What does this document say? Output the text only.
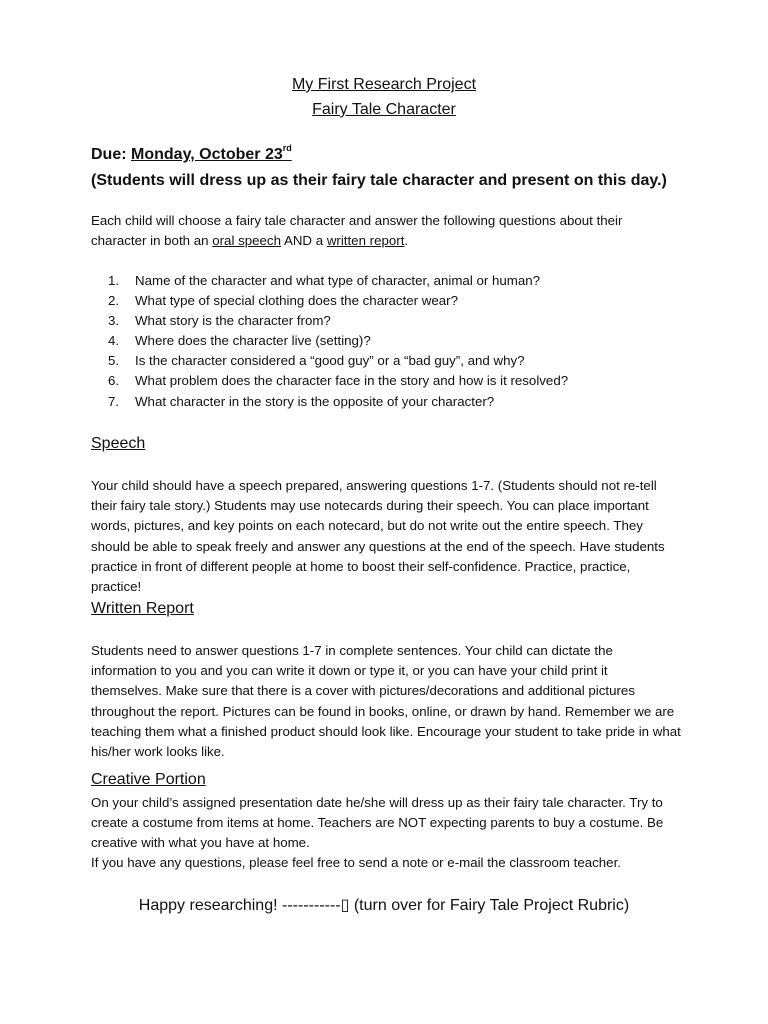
My First Research Project

Fairy Tale Character

Due: Monday, October 23rd

(Students will dress up as their fairy tale character and present on this day.)

Each child will choose a fairy tale character and answer the following questions about their character in both an oral speech AND a written report.

1.	Name of the character and what type of character, animal or human?
2.	What type of special clothing does the character wear?
3.	What story is the character from?
4.	Where does the character live (setting)?
5.	Is the character considered a “good guy” or a “bad guy”, and why?
6.	What problem does the character face in the story and how is it resolved?
7.	What character in the story is the opposite of your character?

Speech

Your child should have a speech prepared, answering questions 1-7. (Students should not re-tell their fairy tale story.) Students may use notecards during their speech. You can place important words, pictures, and key points on each notecard, but do not write out the entire speech. They should be able to speak freely and answer any questions at the end of the speech. Have students practice in front of different people at home to boost their self-confidence. Practice, practice, practice!

Written Report

Students need to answer questions 1-7 in complete sentences. Your child can dictate the information to you and you can write it down or type it, or you can have your child print it themselves. Make sure that there is a cover with pictures/decorations and additional pictures throughout the report. Pictures can be found in books, online, or drawn by hand. Remember we are teaching them what a finished product should look like. Encourage your student to take pride in what his/her work looks like.

Creative Portion

On your child’s assigned presentation date he/she will dress up as their fairy tale character. Try to create a costume from items at home. Teachers are NOT expecting parents to buy a costume. Be creative with what you have at home.

If you have any questions, please feel free to send a note or e-mail the classroom teacher.

Happy researching! -----------▯ (turn over for Fairy Tale Project Rubric)
